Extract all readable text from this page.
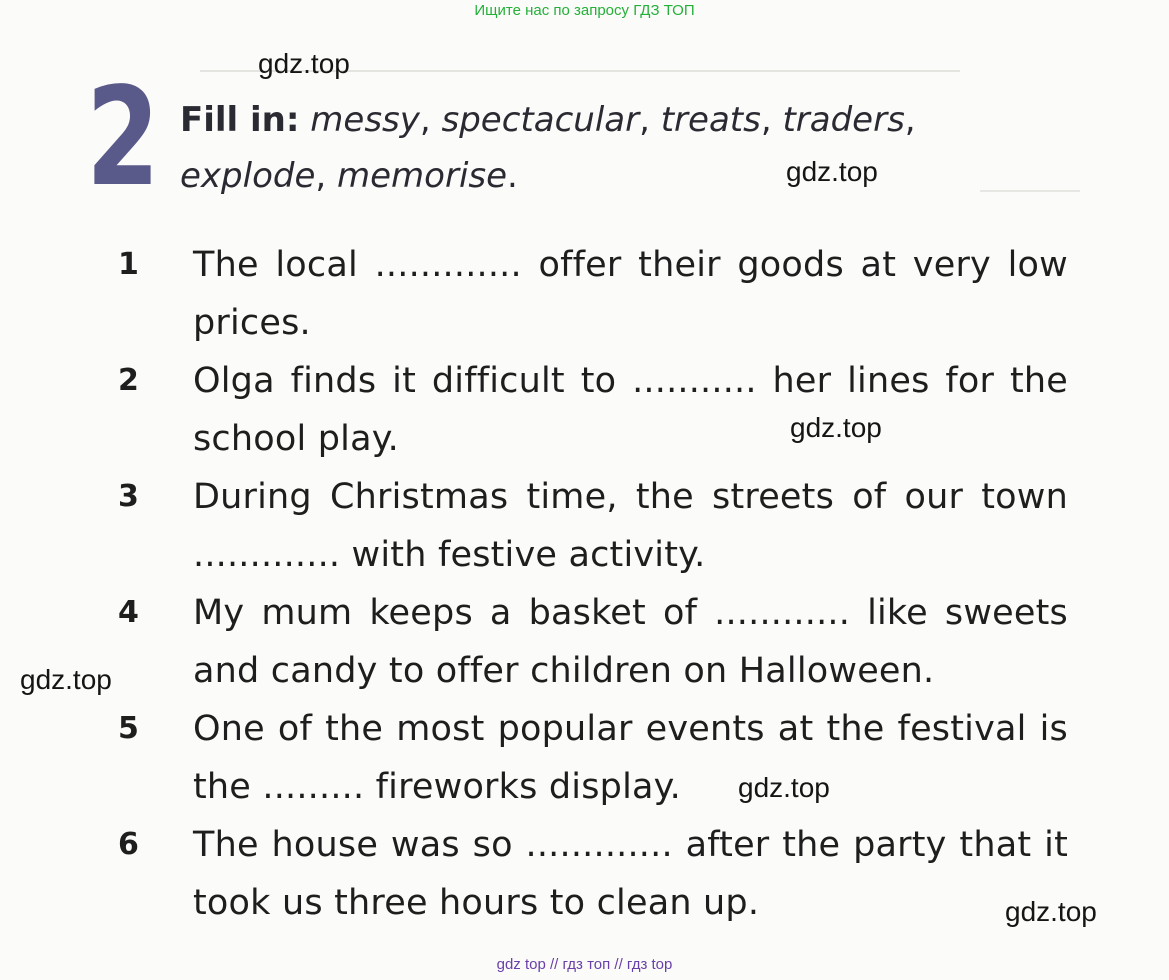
Ищите нас по запросу ГДЗ ТОП
gdz.top
2 Fill in: messy, spectacular, treats, traders,
explode, memorise.	gdz.top
1 The local ............. offer their goods at very low prices.
2 Olga finds it difficult to ........... her lines for the school play.
3 During Christmas time, the streets of our town ............. with festive activity.
4 My mum keeps a basket of ............ like sweets and candy to offer children on Halloween.
5 One of the most popular events at the festival is the ......... fireworks display.
6 The house was so ............. after the party that it took us three hours to clean up.
gdz.top
gdz.top
gdz.top
gdz.top
gdz top // гдз топ // гдз top
